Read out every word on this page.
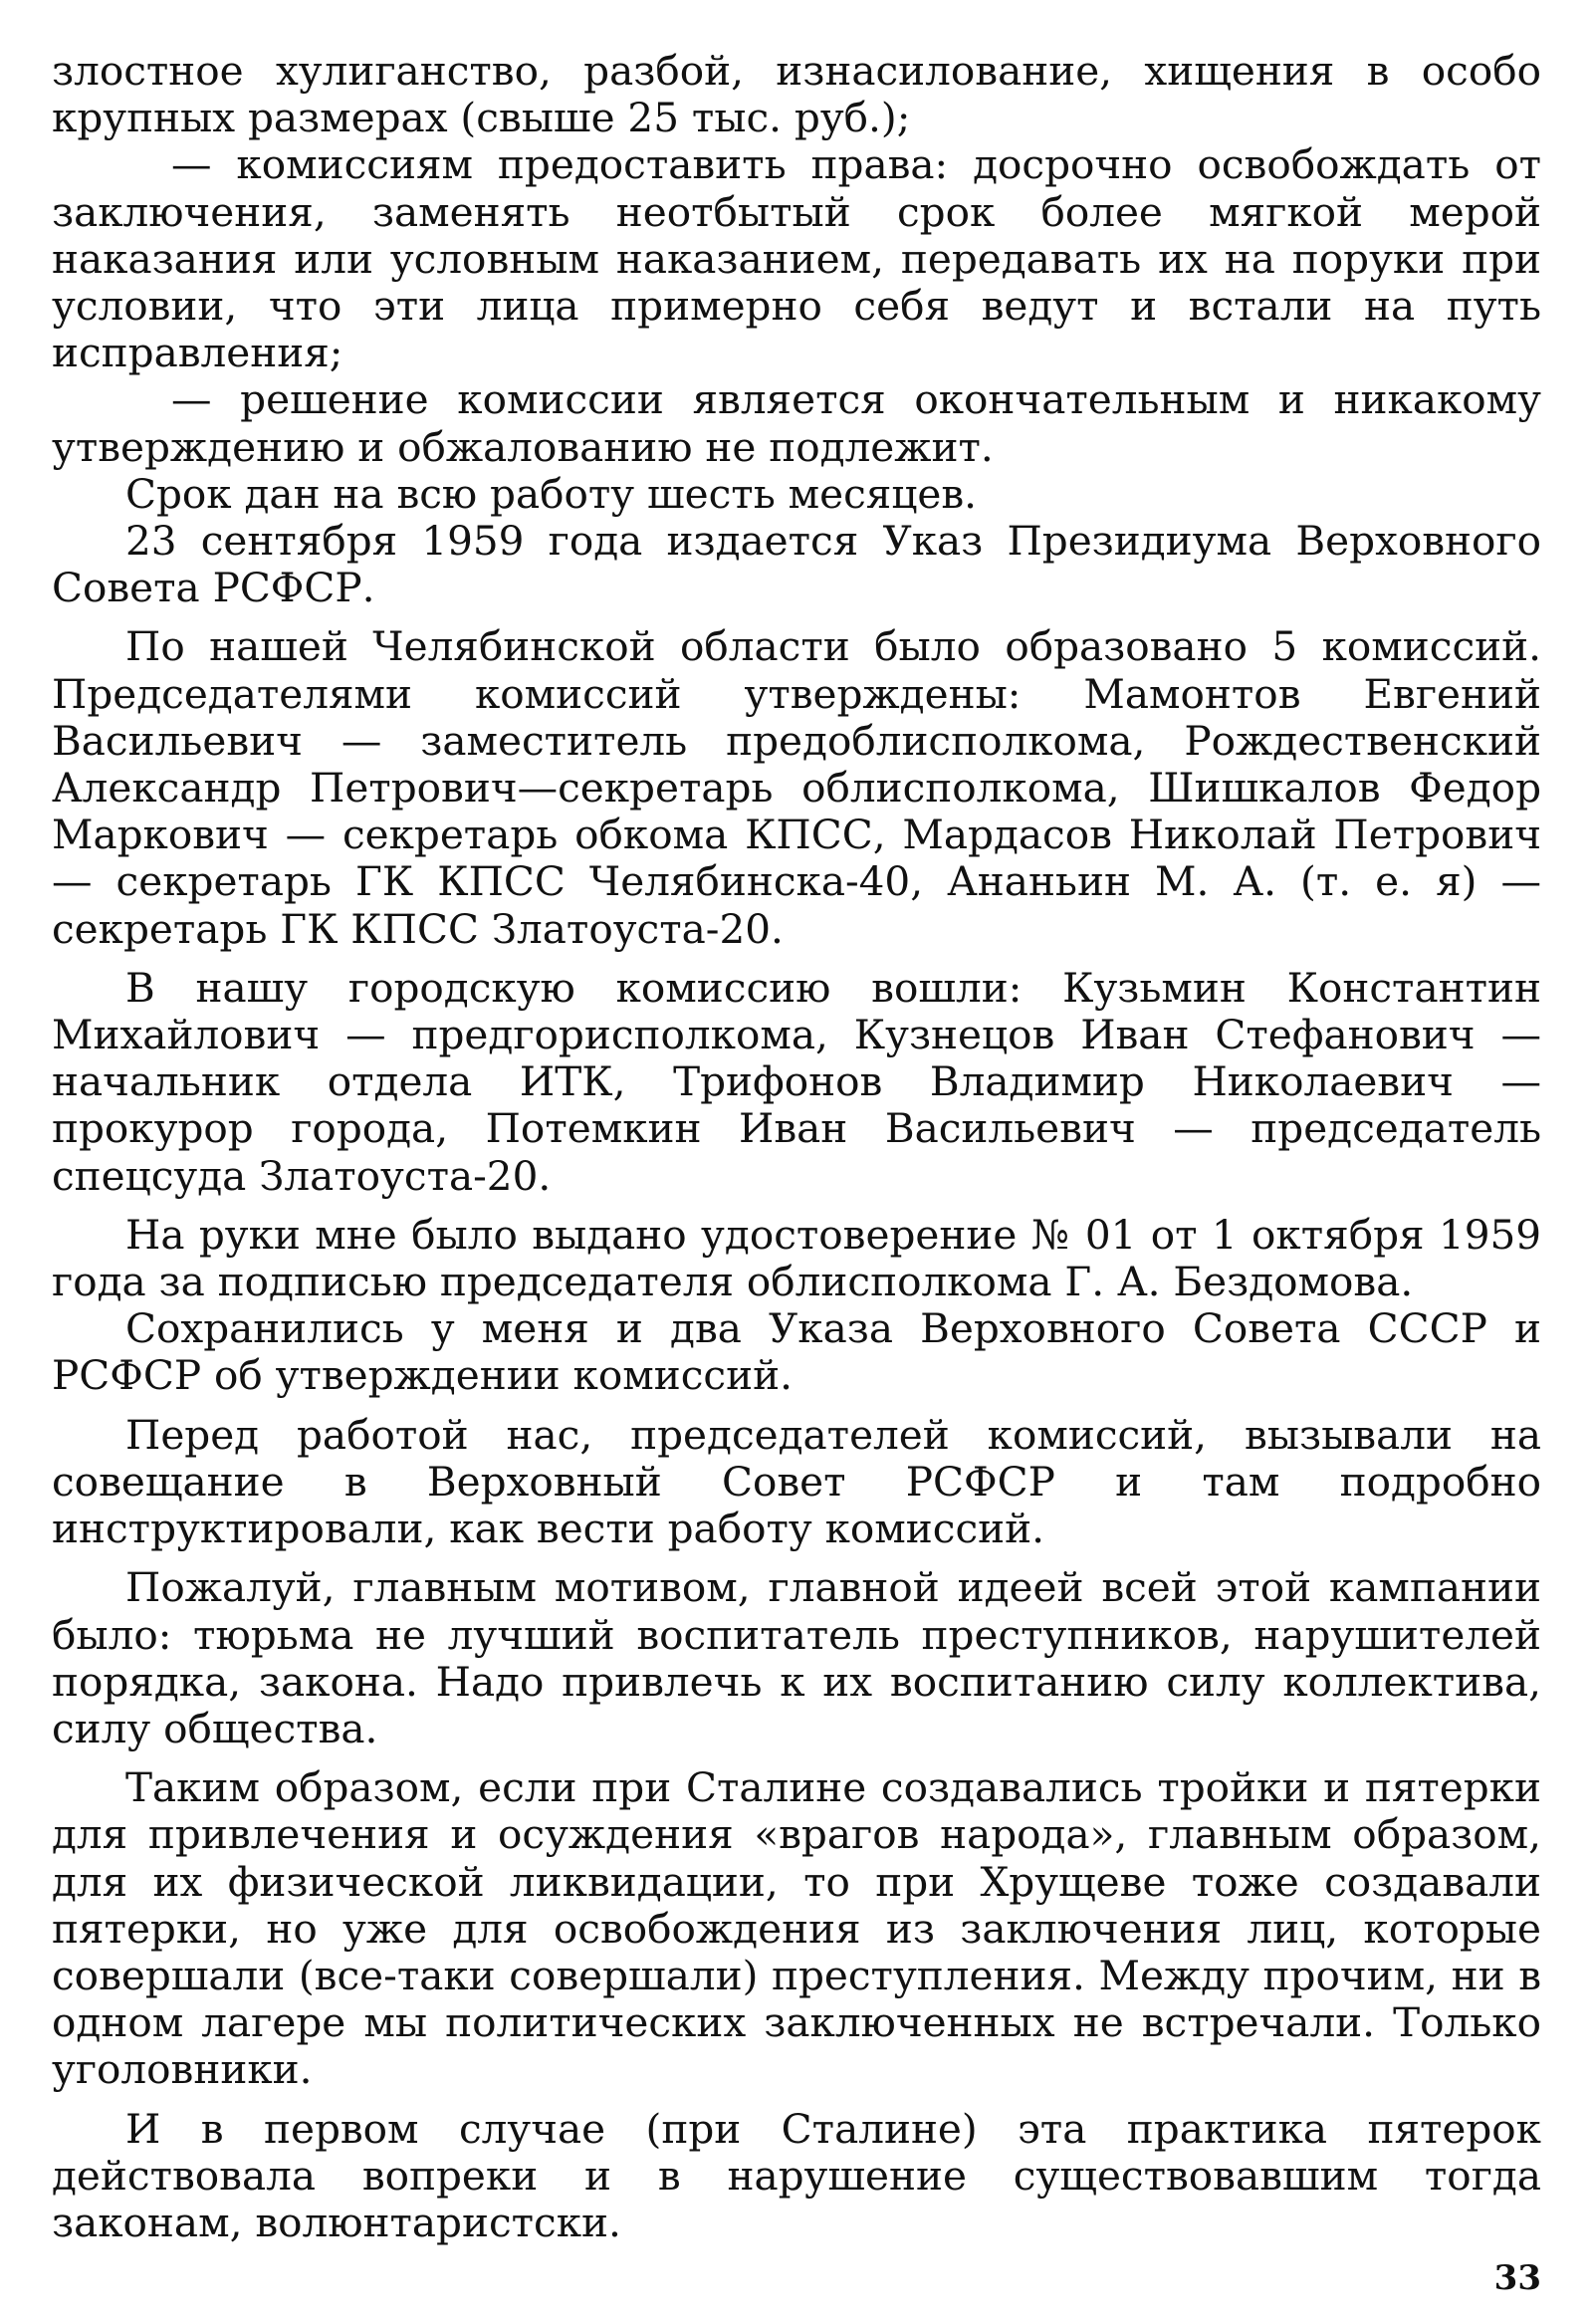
злостное хулиганство, разбой, изнасилование, хищения в особо крупных размерах (свыше 25 тыс. руб.);

— комиссиям предоставить права: досрочно освобождать от заключения, заменять неотбытый срок более мягкой мерой наказания или условным наказанием, передавать их на поруки при условии, что эти лица примерно себя ведут и встали на путь исправления;

— решение комиссии является окончательным и никакому утверждению и обжалованию не подлежит.

Срок дан на всю работу шесть месяцев.

23 сентября 1959 года издается Указ Президиума Верховного Совета РСФСР.

По нашей Челябинской области было образовано 5 комиссий. Председателями комиссий утверждены: Мамонтов Евгений Васильевич — заместитель предоблисполкома, Рождественский Александр Петрович—секретарь облисполкома, Шишкалов Федор Маркович — секретарь обкома КПСС, Мардасов Николай Петрович — секретарь ГК КПСС Челябинска-40, Ананьин М. А. (т. е. я) — секретарь ГК КПСС Златоуста-20.

В нашу городскую комиссию вошли: Кузьмин Константин Михайлович — предгорисполкома, Кузнецов Иван Стефанович — начальник отдела ИТК, Трифонов Владимир Николаевич — прокурор города, Потемкин Иван Васильевич — председатель спецсуда Златоуста-20.

На руки мне было выдано удостоверение № 01 от 1 октября 1959 года за подписью председателя облисполкома Г. А. Бездомова.

Сохранились у меня и два Указа Верховного Совета СССР и РСФСР об утверждении комиссий.

Перед работой нас, председателей комиссий, вызывали на совещание в Верховный Совет РСФСР и там подробно инструктировали, как вести работу комиссий.

Пожалуй, главным мотивом, главной идеей всей этой кампании было: тюрьма не лучший воспитатель преступников, нарушителей порядка, закона. Надо привлечь к их воспитанию силу коллектива, силу общества.

Таким образом, если при Сталине создавались тройки и пятерки для привлечения и осуждения «врагов народа», главным образом, для их физической ликвидации, то при Хрущеве тоже создавали пятерки, но уже для освобождения из заключения лиц, которые совершали (все-таки совершали) преступления. Между прочим, ни в одном лагере мы политических заключенных не встречали. Только уголовники.

И в первом случае (при Сталине) эта практика пятерок действовала вопреки и в нарушение существовавшим тогда законам, волюнтаристски.

33
